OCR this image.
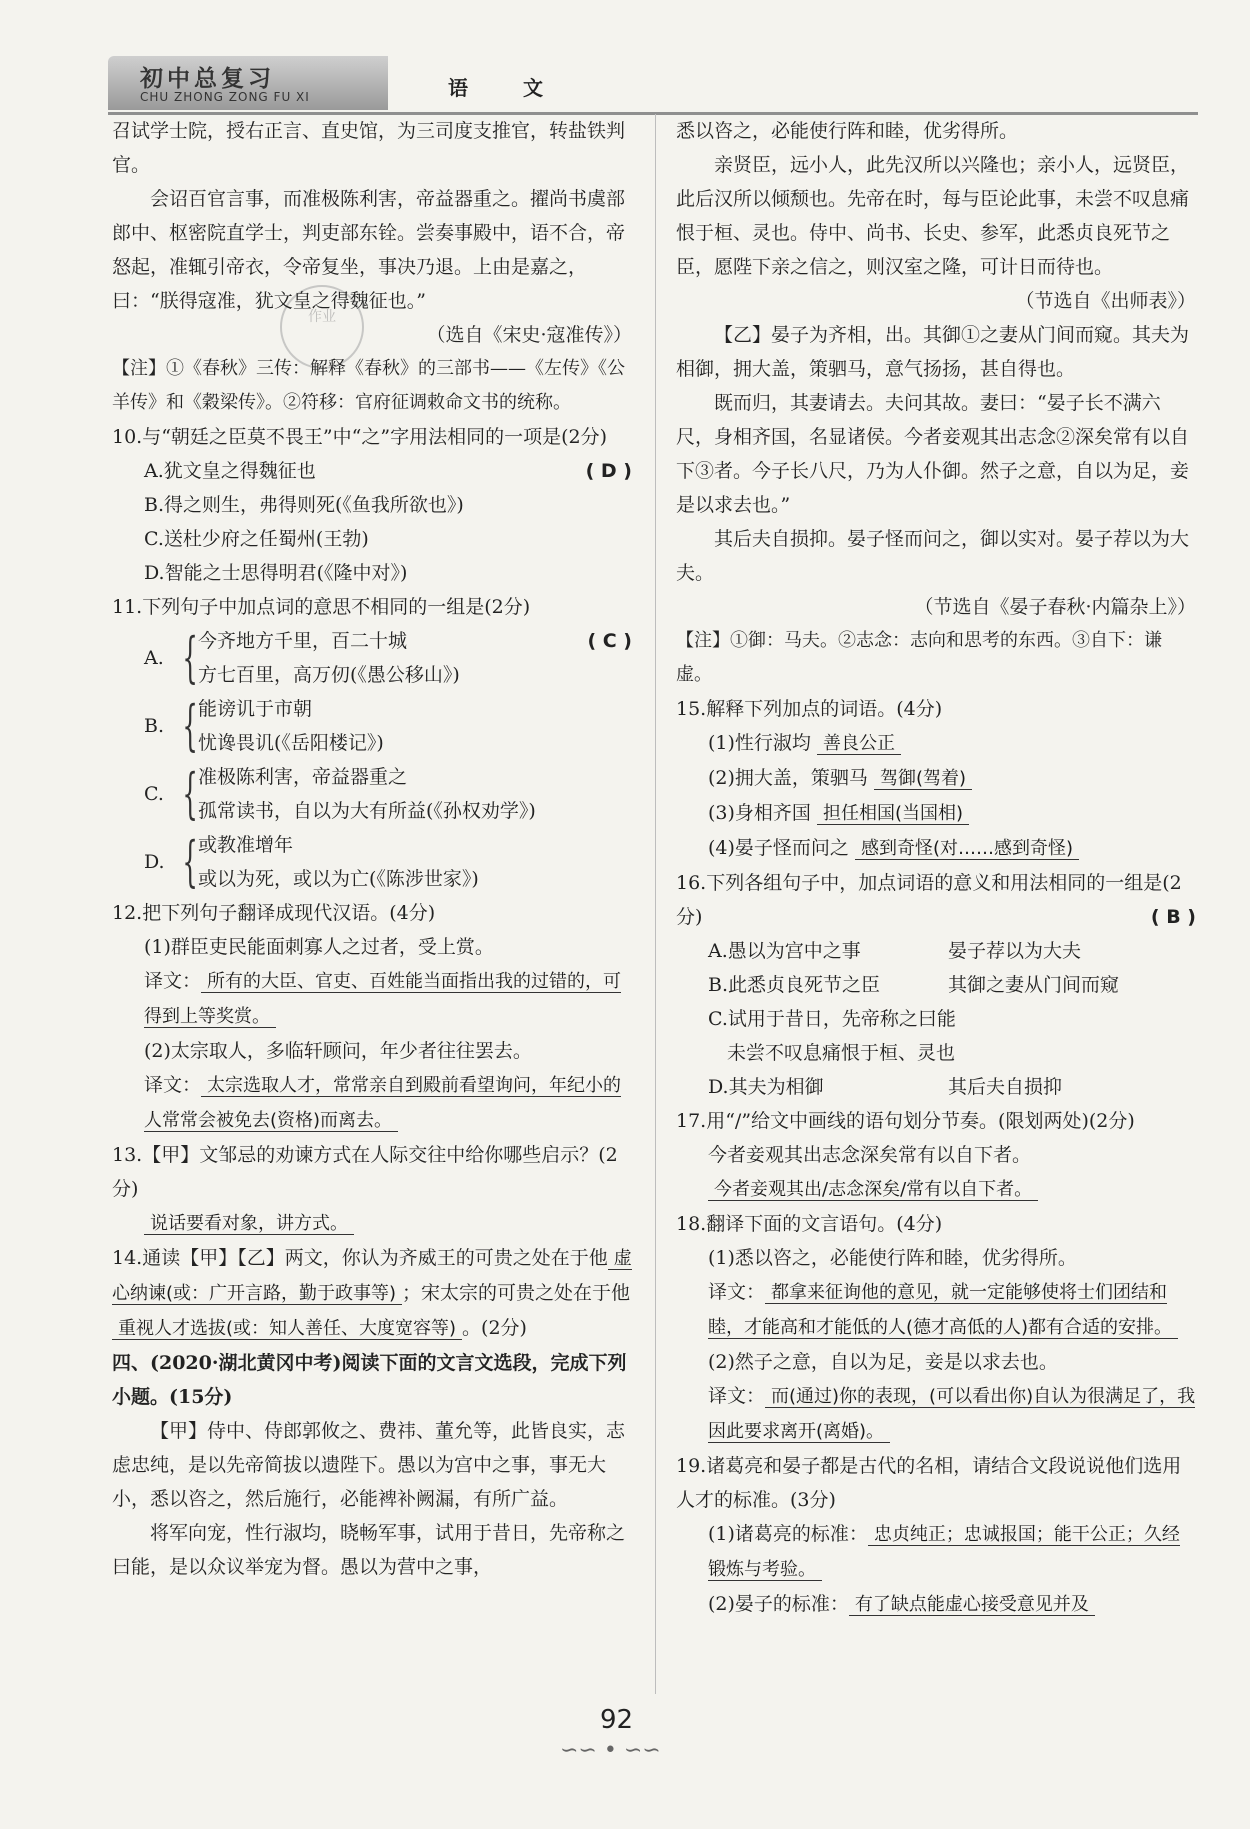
初中总复习
CHU ZHONG ZONG FU XI	语 文

作业

召试学士院，授右正言、直史馆，为三司度支推官，转盐铁判官。

会诏百官言事，而准极陈利害，帝益器重之。擢尚书虞部郎中、枢密院直学士，判吏部东铨。尝奏事殿中，语不合，帝怒起，准辄引帝衣，令帝复坐，事决乃退。上由是嘉之，曰：“朕得寇准，犹文皇之得魏征也。”

（选自《宋史·寇准传》）

【注】①《春秋》三传：解释《春秋》的三部书——《左传》《公羊传》和《穀梁传》。②符移：官府征调敕命文书的统称。

10.与“朝廷之臣莫不畏王”中“之”字用法相同的一项是(2分)
( D )

A.犹文皇之得魏征也

B.得之则生，弗得则死(《鱼我所欲也》)

C.送杜少府之任蜀州(王勃)

D.智能之士思得明君(《隆中对》)

11.下列句子中加点词的意思不相同的一组是(2分)

( C )

A. { 今齐地方千里，百二十城

方七百里，高万仞(《愚公移山》)

B. { 能谤讥于市朝

忧谗畏讥(《岳阳楼记》)

C. { 准极陈利害，帝益器重之

孤常读书，自以为大有所益(《孙权劝学》)

D. { 或教准增年

或以为死，或以为亡(《陈涉世家》)

12.把下列句子翻译成现代汉语。(4分)

(1)群臣吏民能面刺寡人之过者，受上赏。

译文： 所有的大臣、官吏、百姓能当面指出我的过错的，可得到上等奖赏。

(2)太宗取人，多临轩顾问，年少者往往罢去。

译文： 太宗选取人才，常常亲自到殿前看望询问，年纪小的人常常会被免去(资格)而离去。

13.【甲】文邹忌的劝谏方式在人际交往中给你哪些启示？(2分)

说话要看对象，讲方式。

14.通读【甲】【乙】两文，你认为齐威王的可贵之处在于他 虚心纳谏(或：广开言路，勤于政事等) ；宋太宗的可贵之处在于他重视人才选拔(或：知人善任、大度宽容等) 。(2分)

四、(2020·湖北黄冈中考)阅读下面的文言文选段，完成下列小题。(15分)

【甲】侍中、侍郎郭攸之、费祎、董允等，此皆良实，志虑忠纯，是以先帝简拔以遗陛下。愚以为宫中之事，事无大小，悉以咨之，然后施行，必能裨补阙漏，有所广益。

将军向宠，性行淑均，晓畅军事，试用于昔日，先帝称之曰能，是以众议举宠为督。愚以为营中之事，

悉以咨之，必能使行阵和睦，优劣得所。

亲贤臣，远小人，此先汉所以兴隆也；亲小人，远贤臣，此后汉所以倾颓也。先帝在时，每与臣论此事，未尝不叹息痛恨于桓、灵也。侍中、尚书、长史、参军，此悉贞良死节之臣，愿陛下亲之信之，则汉室之隆，可计日而待也。

（节选自《出师表》）

【乙】晏子为齐相，出。其御①之妻从门间而窥。其夫为相御，拥大盖，策驷马，意气扬扬，甚自得也。

既而归，其妻请去。夫问其故。妻曰：“晏子长不满六尺，身相齐国，名显诸侯。今者妾观其出志念②深矣常有以自下③者。今子长八尺，乃为人仆御。然子之意，自以为足，妾是以求去也。”

其后夫自损抑。晏子怪而问之，御以实对。晏子荐以为大夫。

（节选自《晏子春秋·内篇杂上》）

【注】①御：马夫。②志念：志向和思考的东西。③自下：谦虚。

15.解释下列加点的词语。(4分)

(1)性行淑均 善良公正

(2)拥大盖，策驷马 驾御(驾着)

(3)身相齐国 担任相国(当国相)

(4)晏子怪而问之 感到奇怪(对……感到奇怪)

16.下列各组句子中，加点词语的意义和用法相同的一组是(2分)	( B )

A.愚以为宫中之事	晏子荐以为大夫
B.此悉贞良死节之臣	其御之妻从门间而窥
C.试用于昔日，先帝称之曰能
　未尝不叹息痛恨于桓、灵也
D.其夫为相御	其后夫自损抑

17.用“/”给文中画线的语句划分节奏。(限划两处)(2分)

今者妾观其出志念深矣常有以自下者。

今者妾观其出/志念深矣/常有以自下者。

18.翻译下面的文言语句。(4分)

(1)悉以咨之，必能使行阵和睦，优劣得所。

译文： 都拿来征询他的意见，就一定能够使将士们团结和睦，才能高和才能低的人(德才高低的人)都有合适的安排。

(2)然子之意，自以为足，妾是以求去也。

译文： 而(通过)你的表现，(可以看出你)自认为很满足了，我因此要求离开(离婚)。

19.诸葛亮和晏子都是古代的名相，请结合文段说说他们选用人才的标准。(3分)

(1)诸葛亮的标准： 忠贞纯正；忠诚报国；能干公正；久经锻炼与考验。

(2)晏子的标准： 有了缺点能虚心接受意见并及

92
∽∽ • ∽∽
